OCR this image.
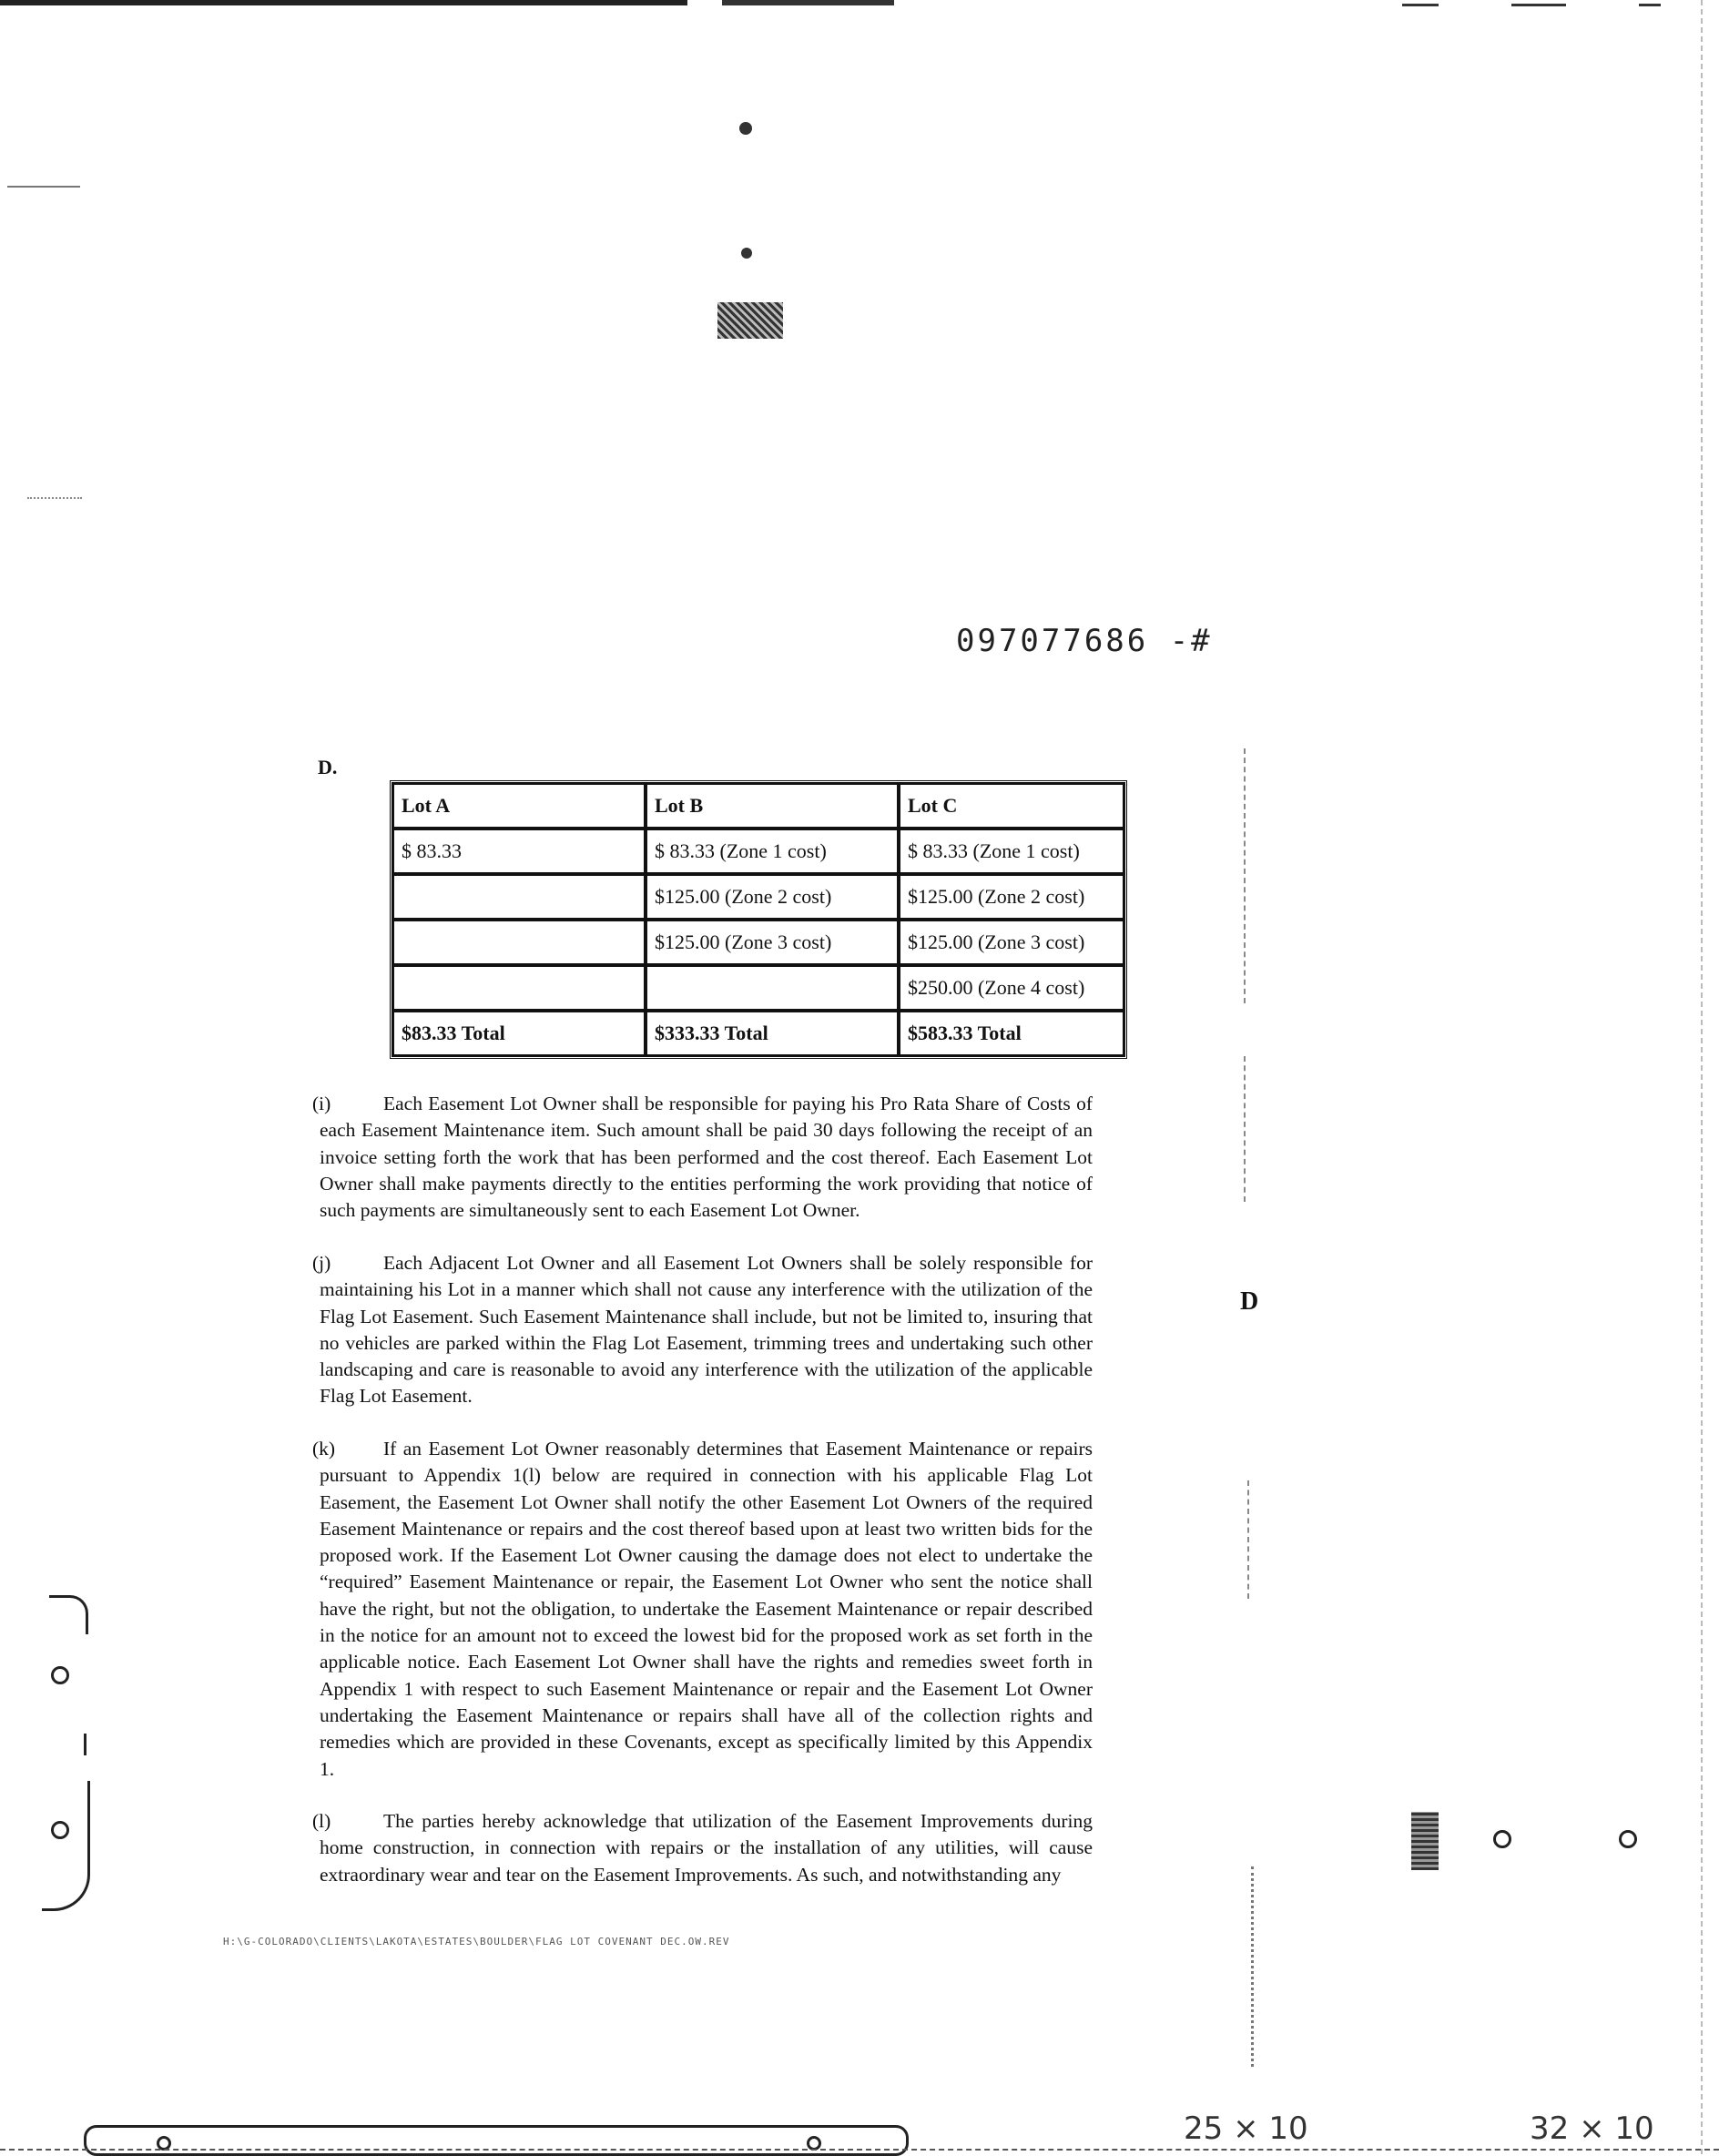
097077686 -#
D.
Lot A	Lot B	Lot C
$ 83.33	$ 83.33 (Zone 1 cost)	$ 83.33 (Zone 1 cost)
	$125.00 (Zone 2 cost)	$125.00 (Zone 2 cost)
	$125.00 (Zone 3 cost)	$125.00 (Zone 3 cost)
		$250.00 (Zone 4 cost)
$83.33 Total	$333.33 Total	$583.33 Total

(i)	Each Easement Lot Owner shall be responsible for paying his Pro Rata Share of Costs of each Easement Maintenance item. Such amount shall be paid 30 days following the receipt of an invoice setting forth the work that has been performed and the cost thereof. Each Easement Lot Owner shall make payments directly to the entities performing the work providing that notice of such payments are simultaneously sent to each Easement Lot Owner.

(j)	Each Adjacent Lot Owner and all Easement Lot Owners shall be solely responsible for maintaining his Lot in a manner which shall not cause any interference with the utilization of the Flag Lot Easement. Such Easement Maintenance shall include, but not be limited to, insuring that no vehicles are parked within the Flag Lot Easement, trimming trees and undertaking such other landscaping and care is reasonable to avoid any interference with the utilization of the applicable Flag Lot Easement.

(k) If an Easement Lot Owner reasonably determines that Easement Maintenance or repairs pursuant to Appendix 1(l) below are required in connection with his applicable Flag Lot Easement, the Easement Lot Owner shall notify the other Easement Lot Owners of the required Easement Maintenance or repairs and the cost thereof based upon at least two written bids for the proposed work. If the Easement Lot Owner causing the damage does not elect to undertake the “required” Easement Maintenance or repair, the Easement Lot Owner who sent the notice shall have the right, but not the obligation, to undertake the Easement Maintenance or repair described in the notice for an amount not to exceed the lowest bid for the proposed work as set forth in the applicable notice. Each Easement Lot Owner shall have the rights and remedies sweet forth in Appendix 1 with respect to such Easement Maintenance or repair and the Easement Lot Owner undertaking the Easement Maintenance or repairs shall have all of the collection rights and remedies which are provided in these Covenants, except as specifically limited by this Appendix 1.

(l)	The parties hereby acknowledge that utilization of the Easement Improvements during home construction, in connection with repairs or the installation of any utilities, will cause extraordinary wear and tear on the Easement Improvements. As such, and notwithstanding any

H:\G-COLORADO\CLIENTS\LAKOTA\ESTATES\BOULDER\FLAG LOT COVENANT DEC.OW.REV
D
25 × 10	32 × 10
